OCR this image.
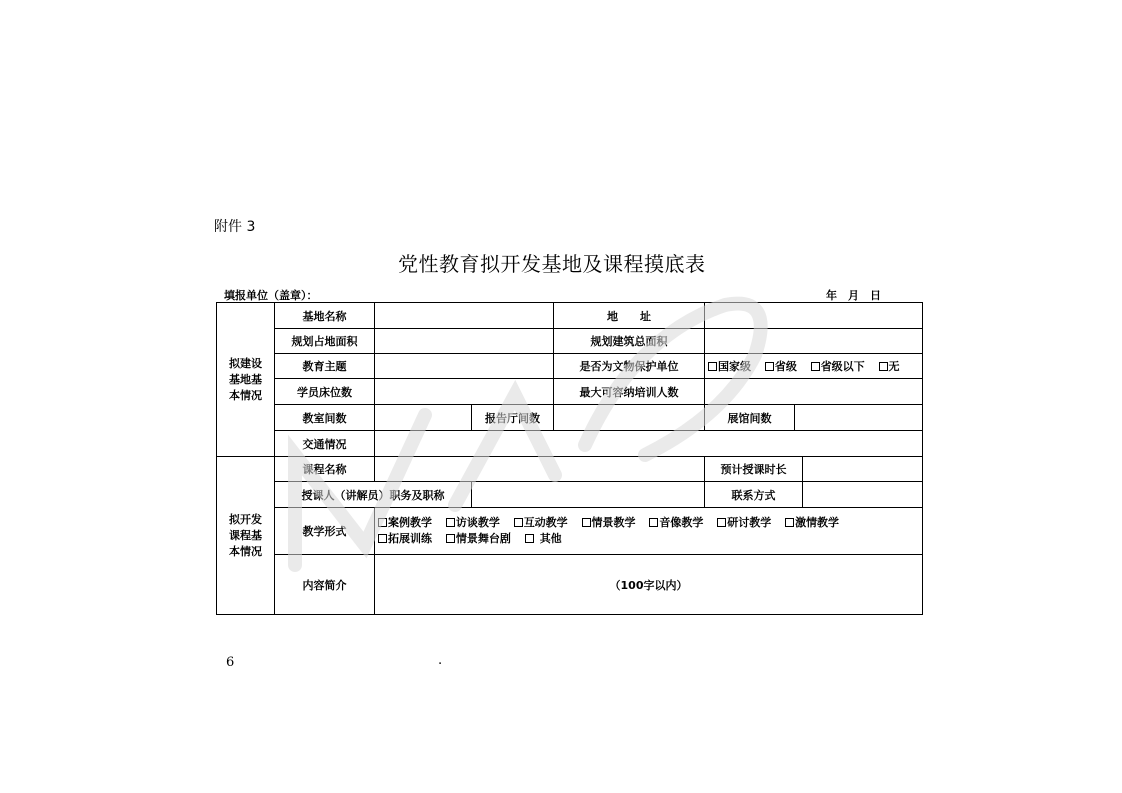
附件 3
党性教育拟开发基地及课程摸底表
填报单位（盖章）：	年　月　日
拟建设基地基本情况	基地名称			地　　址			
	规划占地面积			规划建筑总面积			
	教育主题			是否为文物保护单位	国家级 省级 省级以下 无		
	学员床位数			最大可容纳培训人数			
	教室间数		报告厅间数		展馆间数		
	交通情况						

拟开发课程基本情况	课程名称				预计授课时长		
	授课人（讲解员）职务及职称				联系方式		
	教学形式	案例教学 访谈教学 互动教学 情景教学 音像教学 研讨教学 激情教学
拓展训练 情景舞台剧 其他					

	内容简介	（100字以内）					
6	.
